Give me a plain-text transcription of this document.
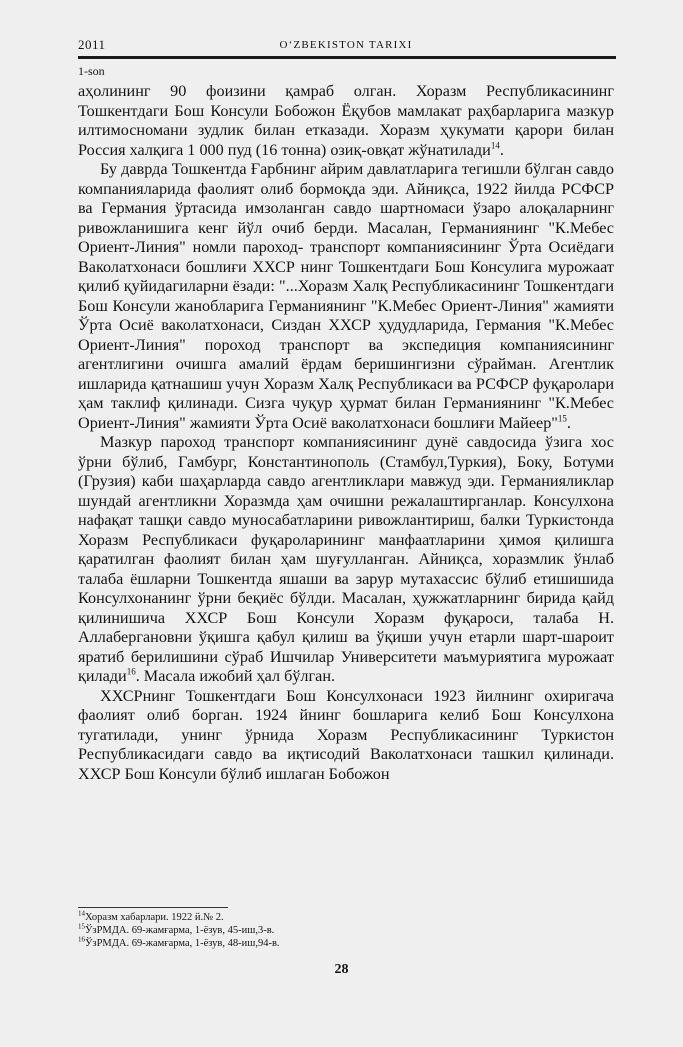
2011	O‘ZBEKISTON TARIXI
1-son

аҳолининг 90 фоизини қамраб олган. Хоразм Республикасининг Тошкентдаги Бош Консули Бобожон Ёқубов мамлакат раҳбарларига мазкур илтимосномани зудлик билан етказади. Хоразм ҳукумати қарори билан Россия халқига 1 000 пуд (16 тонна) озиқ-овқат жўнатилади$^{14}$.

Бу даврда Тошкентда Ғарбнинг айрим давлатларига тегишли бўлган савдо компанияларида фаолият олиб бормоқда эди. Айниқса, 1922 йилда РСФСР ва Германия ўртасида имзоланган савдо шартномаси ўзаро алоқаларнинг ривожланишига кенг йўл очиб берди. Масалан, Германиянинг "К.Мебес Ориент-Линия" номли пароход- транспорт компаниясининг Ўрта Осиёдаги Ваколатхонаси бошлиғи ХХСР нинг Тошкентдаги Бош Консулига мурожаат қилиб қуйидагиларни ёзади: "...Хоразм Халқ Республикасининг Тошкентдаги Бош Консули жанобларига Германиянинг "К.Мебес Ориент-Линия" жамияти Ўрта Осиё ваколатхонаси, Сиздан ХХСР ҳудудларида, Германия "К.Мебес Ориент-Линия" пороход транспорт ва экспедиция компаниясининг агентлигини очишга амалий ёрдам беришингизни сўрайман. Агентлик ишларида қатнашиш учун Хоразм Халқ Республикаси ва РСФСР фуқаролари ҳам таклиф қилинади. Сизга чуқур ҳурмат билан Германиянинг "К.Мебес Ориент-Линия" жамияти Ўрта Осиё ваколатхонаси бошлиғи Майеер"$^{15}$.

Мазкур пароход транспорт компаниясининг дунё савдосида ўзига хос ўрни бўлиб, Гамбург, Константинополь (Стамбул,Туркия), Боку, Ботуми (Грузия) каби шаҳарларда савдо агентликлари мавжуд эди. Германияликлар шундай агентликни Хоразмда ҳам очишни режалаштирганлар. Консулхона нафақат ташқи савдо муносабатларини ривожлантириш, балки Туркистонда Хоразм Республикаси фуқароларининг манфаатларини ҳимоя қилишга қаратилган фаолият билан ҳам шуғулланган. Айниқса, хоразмлик ўнлаб талаба ёшларни Тошкентда яшаши ва зарур мутахассис бўлиб етишишида Консулхонанинг ўрни беқиёс бўлди. Масалан, ҳужжатларнинг бирида қайд қилинишича ХХСР Бош Консули Хоразм фуқароси, талаба Н. Аллабергановни ўқишга қабул қилиш ва ўқиши учун етарли шарт-шароит яратиб берилишини сўраб Ишчилар Университети маъмуриятига мурожаат қилади$^{16}$. Масала ижобий ҳал бўлган.

ХХСРнинг Тошкентдаги Бош Консулхонаси 1923 йилнинг охиригача фаолият олиб борган. 1924 йнинг бошларига келиб Бош Консулхона тугатилади, унинг ўрнида Хоразм Республикасининг Туркистон Республикасидаги савдо ва иқтисодий Ваколатхонаси ташкил қилинади. ХХСР Бош Консули бўлиб ишлаган Бобожон

$^{14}$Хоразм хабарлари. 1922 й.№ 2.
$^{15}$ЎзРМДА. 69-жамғарма, 1-ёзув, 45-иш,3-в.
$^{16}$ЎзРМДА. 69-жамғарма, 1-ёзув, 48-иш,94-в.
28
